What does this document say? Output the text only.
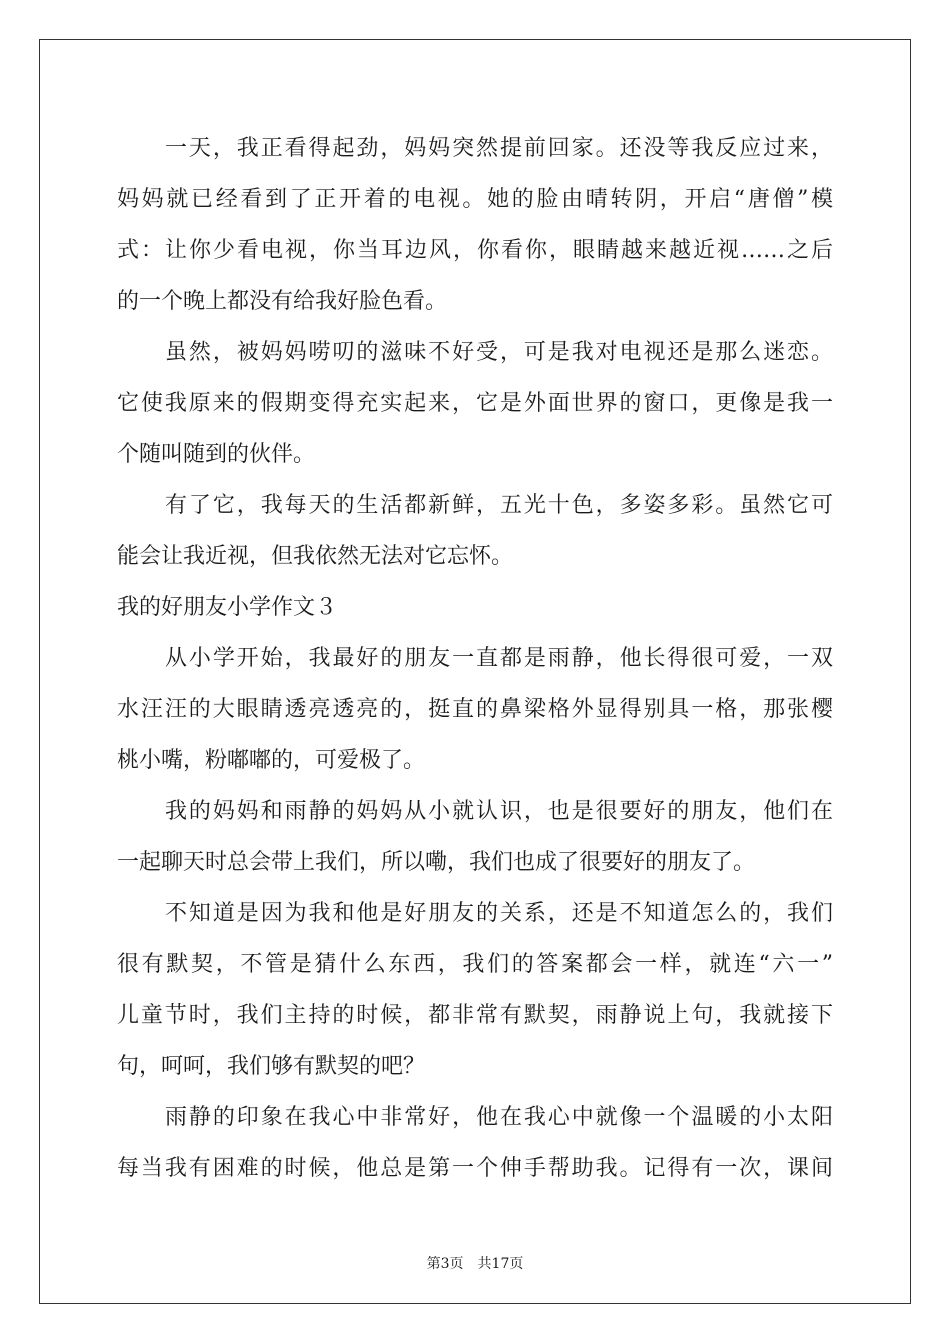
一天，我正看得起劲，妈妈突然提前回家。还没等我反应过来，
妈妈就已经看到了正开着的电视。她的脸由晴转阴，开启“唐僧”模
式：让你少看电视，你当耳边风，你看你，眼睛越来越近视……之后
的一个晚上都没有给我好脸色看。
虽然，被妈妈唠叨的滋味不好受，可是我对电视还是那么迷恋。
它使我原来的假期变得充实起来，它是外面世界的窗口，更像是我一
个随叫随到的伙伴。
有了它，我每天的生活都新鲜，五光十色，多姿多彩。虽然它可
能会让我近视，但我依然无法对它忘怀。
我的好朋友小学作文３
从小学开始，我最好的朋友一直都是雨静，他长得很可爱，一双
水汪汪的大眼睛透亮透亮的，挺直的鼻梁格外显得别具一格，那张樱
桃小嘴，粉嘟嘟的，可爱极了。
我的妈妈和雨静的妈妈从小就认识，也是很要好的朋友，他们在
一起聊天时总会带上我们，所以嘞，我们也成了很要好的朋友了。
不知道是因为我和他是好朋友的关系，还是不知道怎么的，我们
很有默契，不管是猜什么东西，我们的答案都会一样，就连“六一”
儿童节时，我们主持的时候，都非常有默契，雨静说上句，我就接下
句，呵呵，我们够有默契的吧？
雨静的印象在我心中非常好，他在我心中就像一个温暖的小太阳
每当我有困难的时候，他总是第一个伸手帮助我。记得有一次，课间
第3页 共17页
